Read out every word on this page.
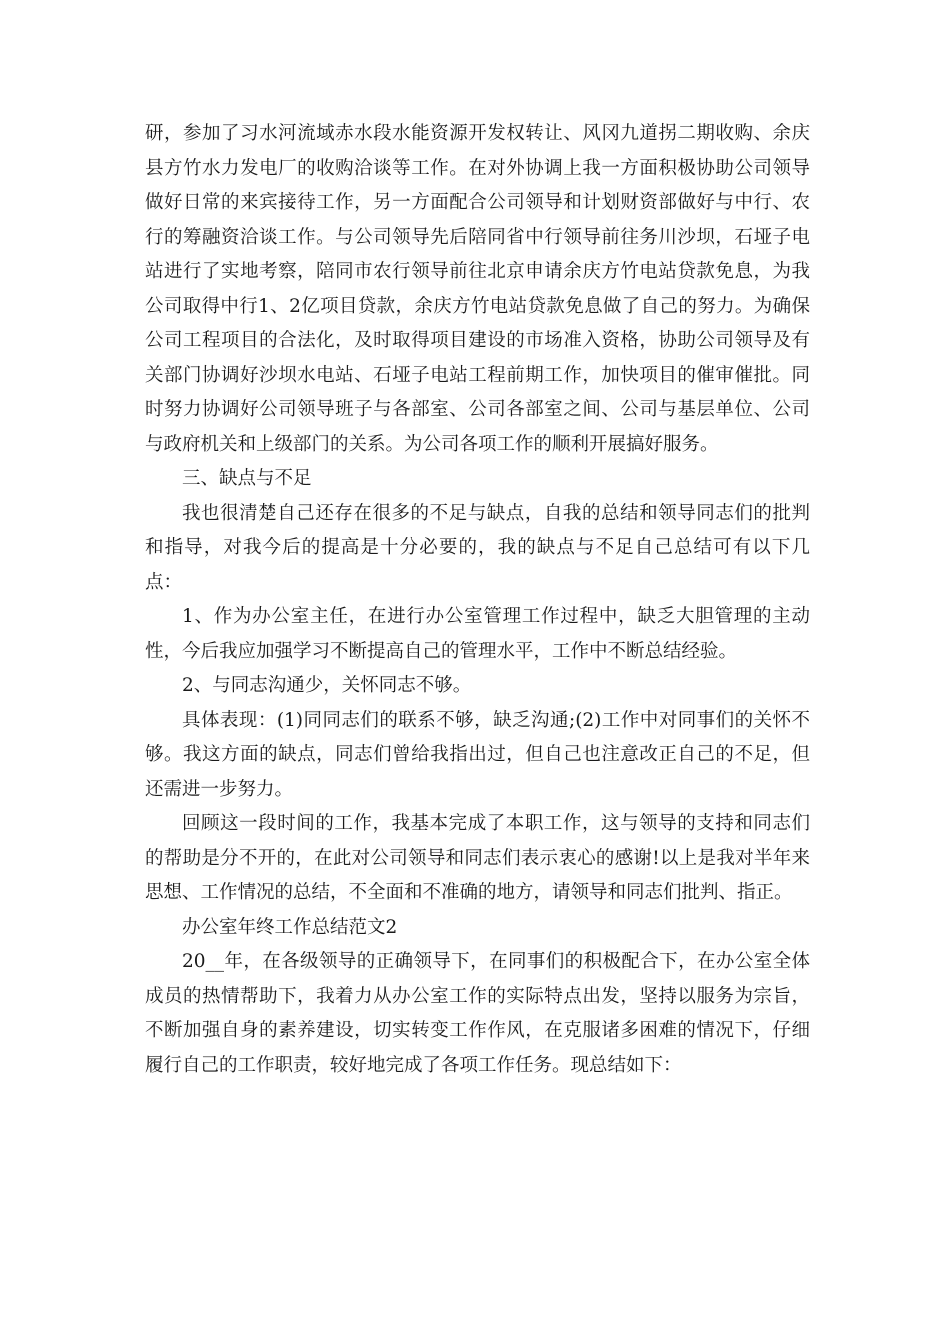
研，参加了习水河流域赤水段水能资源开发权转让、风冈九道拐二期收购、余庆县方竹水力发电厂的收购洽谈等工作。在对外协调上我一方面积极协助公司领导做好日常的来宾接待工作，另一方面配合公司领导和计划财资部做好与中行、农行的筹融资洽谈工作。与公司领导先后陪同省中行领导前往务川沙坝，石垭子电站进行了实地考察，陪同市农行领导前往北京申请余庆方竹电站贷款免息，为我公司取得中行1、2亿项目贷款，余庆方竹电站贷款免息做了自己的努力。为确保公司工程项目的合法化，及时取得项目建设的市场准入资格，协助公司领导及有关部门协调好沙坝水电站、石垭子电站工程前期工作，加快项目的催审催批。同时努力协调好公司领导班子与各部室、公司各部室之间、公司与基层单位、公司与政府机关和上级部门的关系。为公司各项工作的顺利开展搞好服务。

三、缺点与不足

我也很清楚自己还存在很多的不足与缺点，自我的总结和领导同志们的批判和指导，对我今后的提高是十分必要的，我的缺点与不足自己总结可有以下几点：

1、作为办公室主任，在进行办公室管理工作过程中，缺乏大胆管理的主动性，今后我应加强学习不断提高自己的管理水平，工作中不断总结经验。

2、与同志沟通少，关怀同志不够。

具体表现：(1)同同志们的联系不够，缺乏沟通;(2)工作中对同事们的关怀不够。我这方面的缺点，同志们曾给我指出过，但自己也注意改正自己的不足，但还需进一步努力。

回顾这一段时间的工作，我基本完成了本职工作，这与领导的支持和同志们的帮助是分不开的，在此对公司领导和同志们表示衷心的感谢!以上是我对半年来思想、工作情况的总结，不全面和不准确的地方，请领导和同志们批判、指正。

办公室年终工作总结范文2

20__年，在各级领导的正确领导下，在同事们的积极配合下，在办公室全体成员的热情帮助下，我着力从办公室工作的实际特点出发，坚持以服务为宗旨，不断加强自身的素养建设，切实转变工作作风，在克服诸多困难的情况下，仔细履行自己的工作职责，较好地完成了各项工作任务。现总结如下：
